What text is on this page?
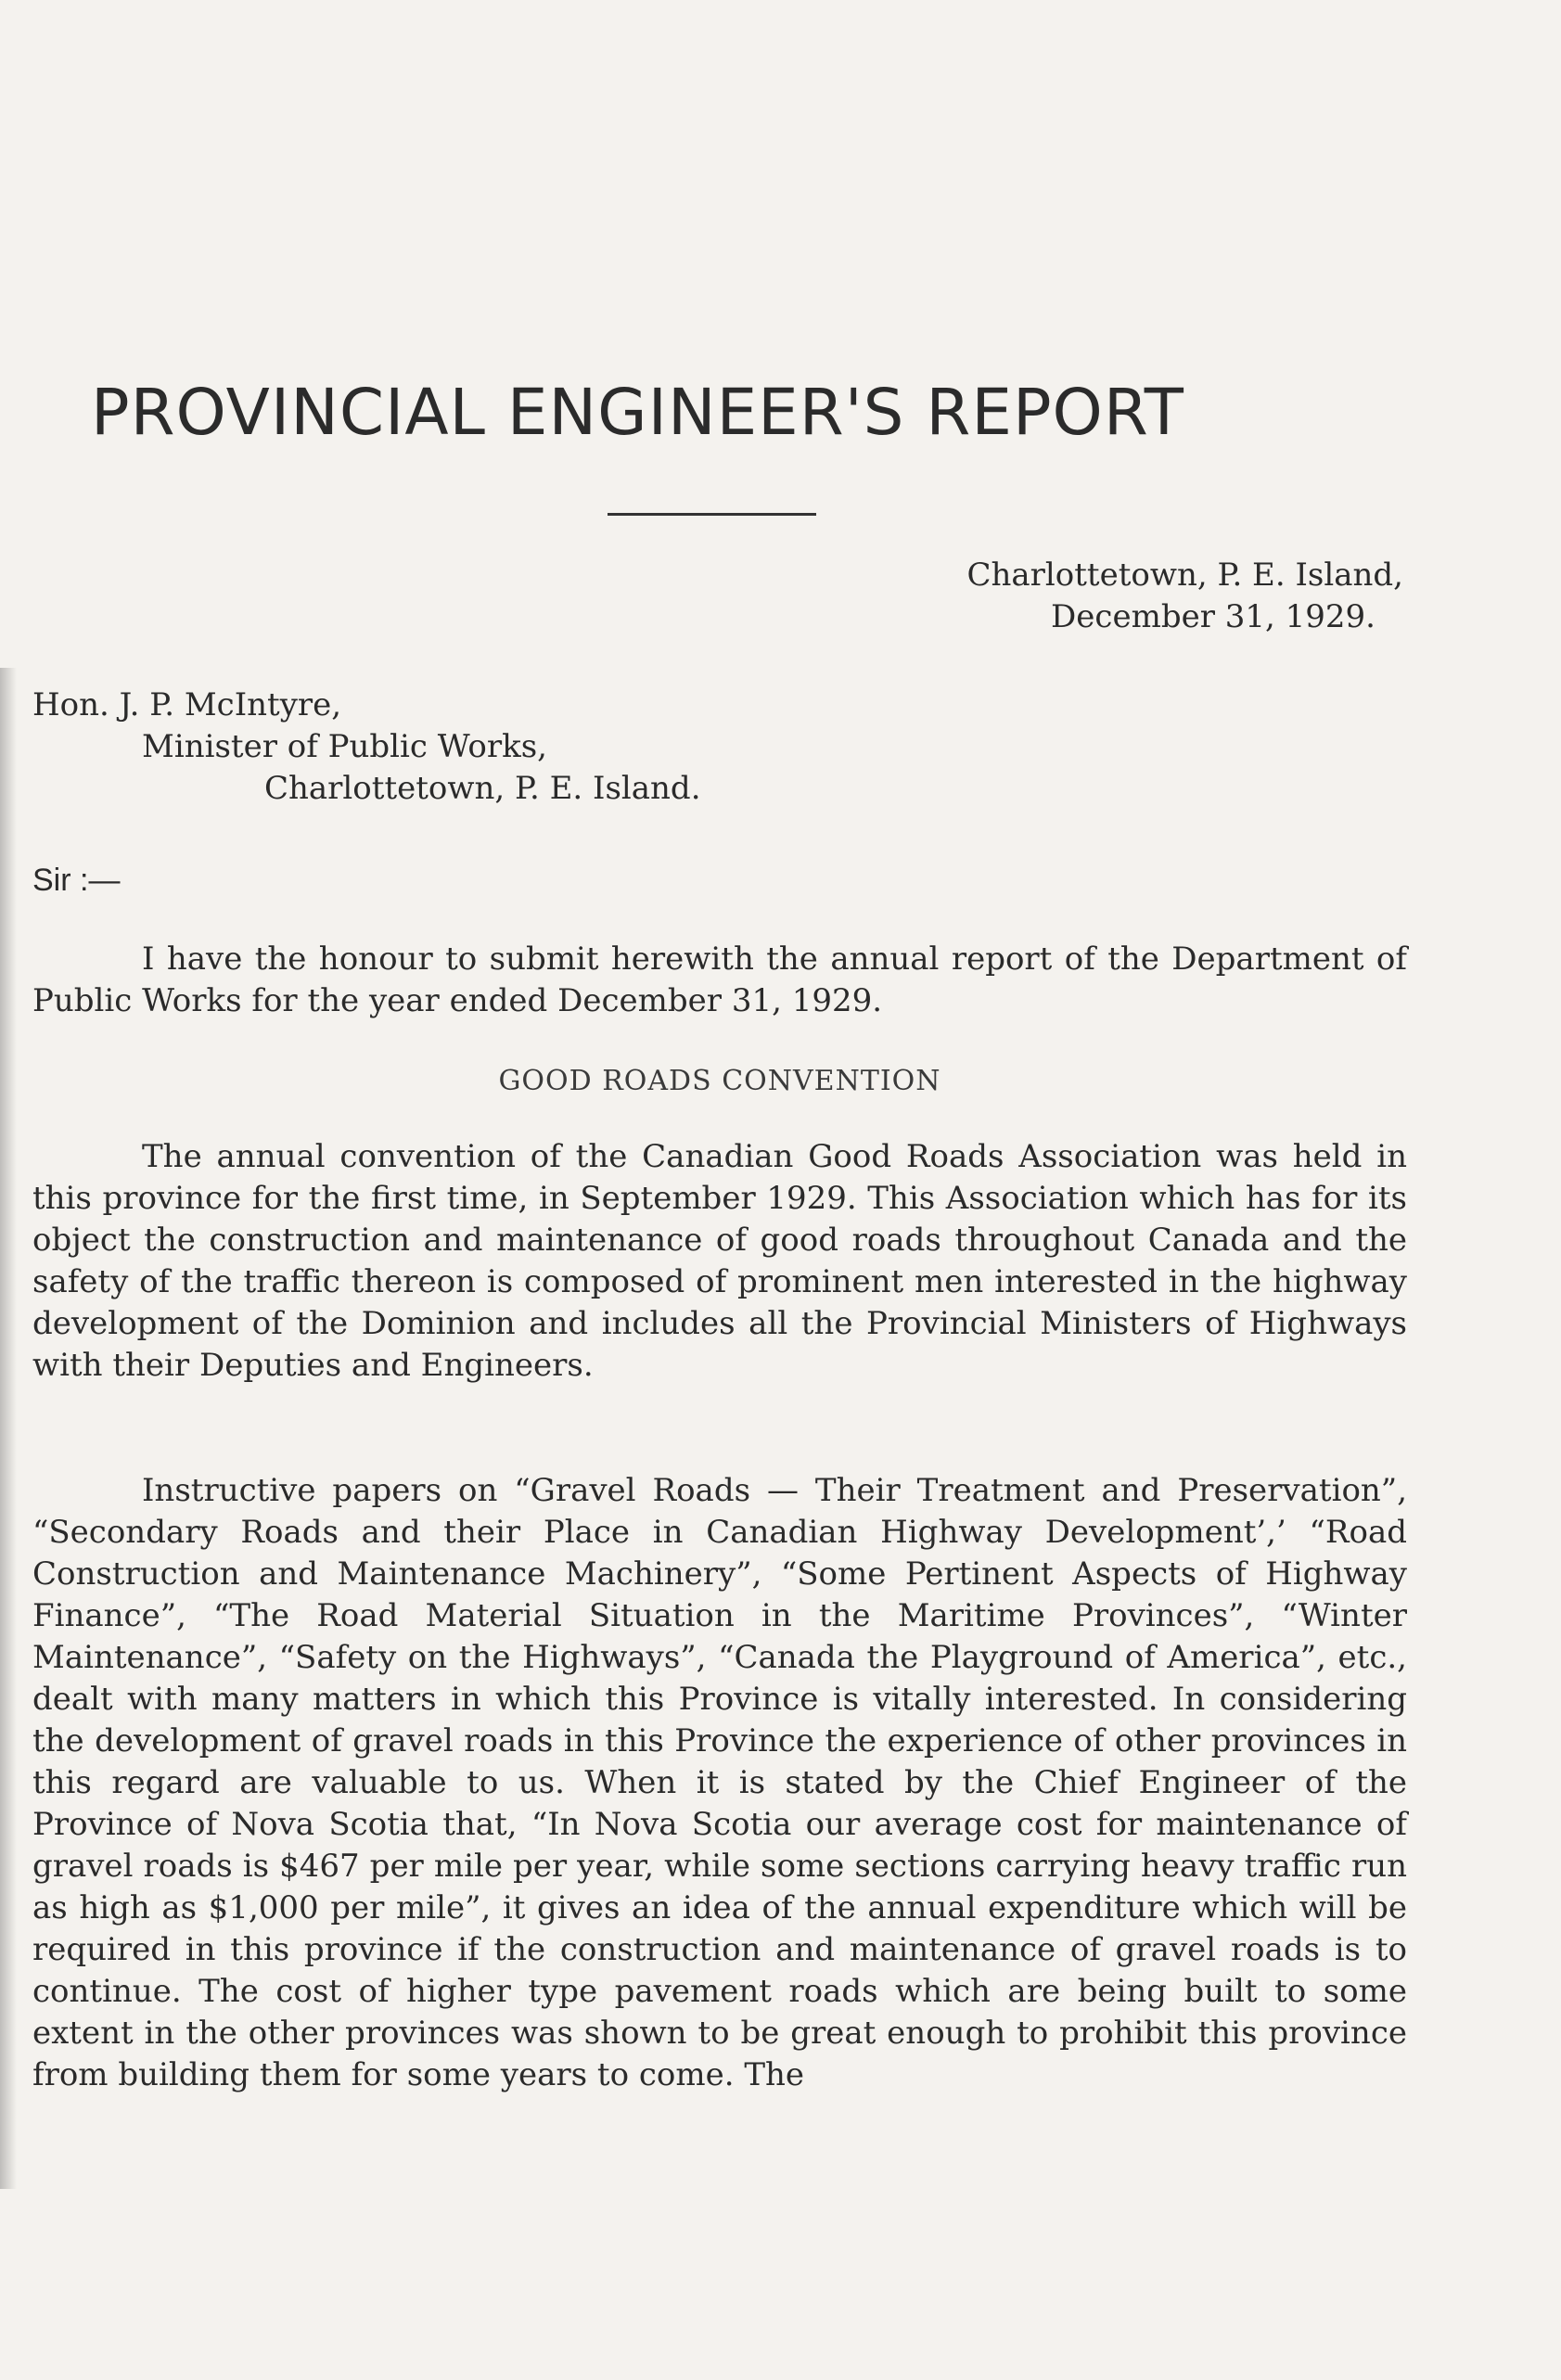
PROVINCIAL ENGINEER'S REPORT
Charlottetown, P. E. Island,
December 31, 1929.
Hon. J. P. McIntyre,
Minister of Public Works,
Charlottetown, P. E. Island.
Sir :—

I have the honour to submit herewith the annual report of the Department of Public Works for the year ended December 31, 1929.

GOOD ROADS CONVENTION

The annual convention of the Canadian Good Roads Association was held in this province for the first time, in September 1929. This Association which has for its object the construction and maintenance of good roads throughout Canada and the safety of the traffic thereon is composed of prominent men interested in the highway development of the Dominion and includes all the Provincial Ministers of Highways with their Deputies and Engineers.

Instructive papers on “Gravel Roads — Their Treatment and Preservation”, “Secondary Roads and their Place in Canadian Highway Development’,’ “Road Construction and Maintenance Machinery”, “Some Pertinent Aspects of Highway Finance”, “The Road Material Situation in the Maritime Provinces”, “Winter Maintenance”, “Safety on the Highways”, “Canada the Playground of America”, etc., dealt with many matters in which this Province is vitally interested. In considering the development of gravel roads in this Province the experience of other provinces in this regard are valuable to us. When it is stated by the Chief Engineer of the Province of Nova Scotia that, “In Nova Scotia our average cost for maintenance of gravel roads is $467 per mile per year, while some sections carrying heavy traffic run as high as $1,000 per mile”, it gives an idea of the annual expenditure which will be required in this province if the construction and maintenance of gravel roads is to continue. The cost of higher type pavement roads which are being built to some extent in the other provinces was shown to be great enough to prohibit this province from building them for some years to come. The
